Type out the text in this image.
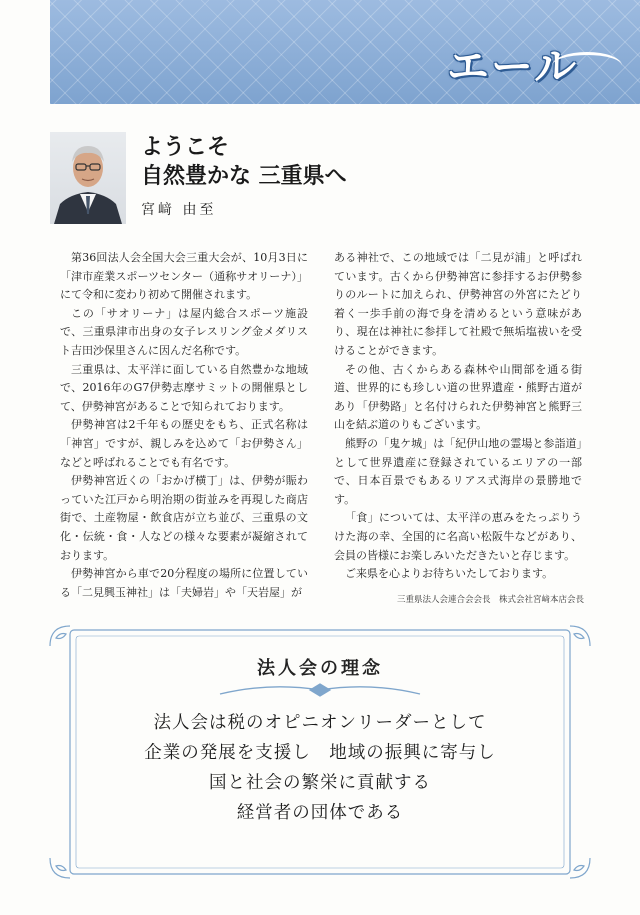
エール
ようこそ
自然豊かな 三重県へ
宮﨑 由至

第36回法人会全国大会三重大会が、10月3日に「津市産業スポーツセンター（通称サオリーナ）」にて令和に変わり初めて開催されます。

この「サオリーナ」は屋内総合スポーツ施設で、三重県津市出身の女子レスリング金メダリスト吉田沙保里さんに因んだ名称です。

三重県は、太平洋に面している自然豊かな地域で、2016年のG7伊勢志摩サミットの開催県として、伊勢神宮があることで知られております。

伊勢神宮は2千年もの歴史をもち、正式名称は「神宮」ですが、親しみを込めて「お伊勢さん」などと呼ばれることでも有名です。

伊勢神宮近くの「おかげ横丁」は、伊勢が賑わっていた江戸から明治期の街並みを再現した商店街で、土産物屋・飲食店が立ち並び、三重県の文化・伝統・食・人などの様々な要素が凝縮されております。

伊勢神宮から車で20分程度の場所に位置している「二見興玉神社」は「夫婦岩」や「天岩屋」が

ある神社で、この地域では「二見が浦」と呼ばれています。古くから伊勢神宮に参拝するお伊勢参りのルートに加えられ、伊勢神宮の外宮にたどり着く一歩手前の海で身を清めるという意味があり、現在は神社に参拝して社殿で無垢塩祓いを受けることができます。

その他、古くからある森林や山間部を通る街道、世界的にも珍しい道の世界遺産・熊野古道があり「伊勢路」と名付けられた伊勢神宮と熊野三山を結ぶ道のりもございます。

熊野の「鬼ケ城」は「紀伊山地の霊場と参詣道」として世界遺産に登録されているエリアの一部で、日本百景でもあるリアス式海岸の景勝地です。

「食」については、太平洋の恵みをたっぷりうけた海の幸、全国的に名高い松阪牛などがあり、会員の皆様にお楽しみいただきたいと存じます。

ご来県を心よりお待ちいたしております。

三重県法人会連合会会長　株式会社宮﨑本店会長
法人会の理念
法人会は税のオピニオンリーダーとして
企業の発展を支援し　地域の振興に寄与し
国と社会の繁栄に貢献する
経営者の団体である
